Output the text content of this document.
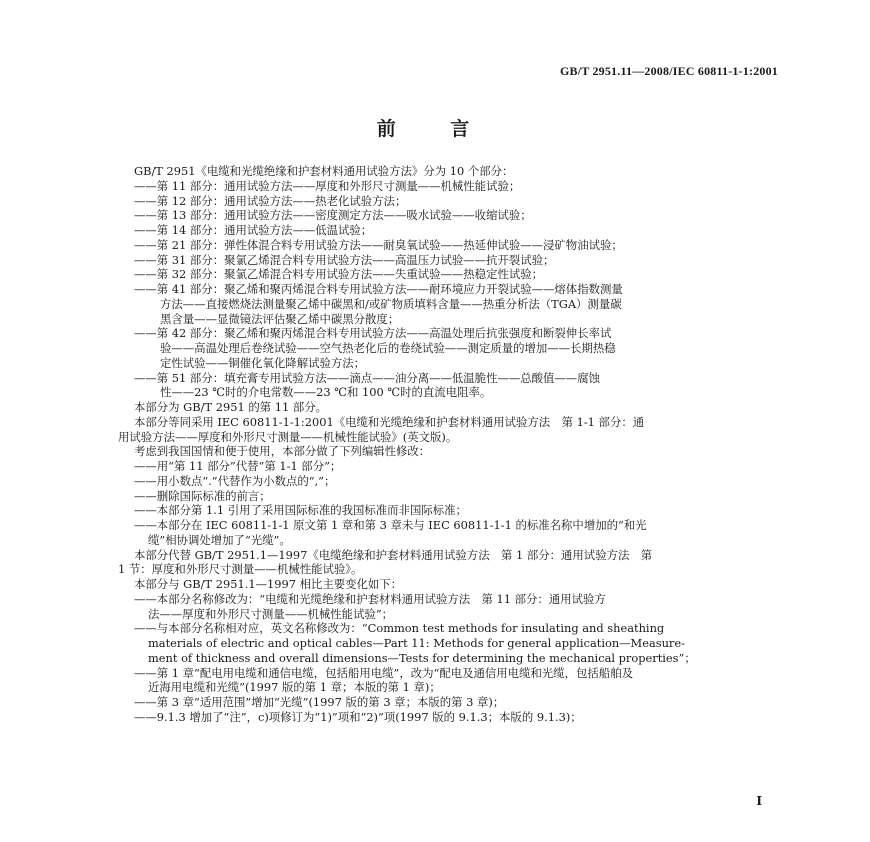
GB/T 2951.11—2008/IEC 60811-1-1:2001
前 言
GB/T 2951《电缆和光缆绝缘和护套材料通用试验方法》分为 10 个部分：
——第 11 部分：通用试验方法——厚度和外形尺寸测量——机械性能试验；
——第 12 部分：通用试验方法——热老化试验方法；
——第 13 部分：通用试验方法——密度测定方法——吸水试验——收缩试验；
——第 14 部分：通用试验方法——低温试验；
——第 21 部分：弹性体混合料专用试验方法——耐臭氧试验——热延伸试验——浸矿物油试验；
——第 31 部分：聚氯乙烯混合料专用试验方法——高温压力试验——抗开裂试验；
——第 32 部分：聚氯乙烯混合料专用试验方法——失重试验——热稳定性试验；
——第 41 部分：聚乙烯和聚丙烯混合料专用试验方法——耐环境应力开裂试验——熔体指数测量
方法——直接燃烧法测量聚乙烯中碳黑和/或矿物质填料含量——热重分析法（TGA）测量碳
黑含量——显微镜法评估聚乙烯中碳黑分散度；
——第 42 部分：聚乙烯和聚丙烯混合料专用试验方法——高温处理后抗张强度和断裂伸长率试
验——高温处理后卷绕试验——空气热老化后的卷绕试验——测定质量的增加——长期热稳
定性试验——铜催化氧化降解试验方法；
——第 51 部分：填充膏专用试验方法——滴点——油分离——低温脆性——总酸值——腐蚀
性——23 ℃时的介电常数——23 ℃和 100 ℃时的直流电阻率。
本部分为 GB/T 2951 的第 11 部分。
本部分等同采用 IEC 60811-1-1:2001《电缆和光缆绝缘和护套材料通用试验方法　第 1-1 部分：通
用试验方法——厚度和外形尺寸测量——机械性能试验》(英文版)。
考虑到我国国情和便于使用，本部分做了下列编辑性修改：
——用“第 11 部分”代替“第 1-1 部分”；
——用小数点“.”代替作为小数点的“,”；
——删除国际标准的前言；
——本部分第 1.1 引用了采用国际标准的我国标准而非国际标准；
——本部分在 IEC 60811-1-1 原文第 1 章和第 3 章未与 IEC 60811-1-1 的标准名称中增加的“和光
缆”相协调处增加了“光缆”。
本部分代替 GB/T 2951.1—1997《电缆绝缘和护套材料通用试验方法　第 1 部分：通用试验方法　第
1 节：厚度和外形尺寸测量——机械性能试验》。
本部分与 GB/T 2951.1—1997 相比主要变化如下：
——本部分名称修改为：“电缆和光缆绝缘和护套材料通用试验方法　第 11 部分：通用试验方
法——厚度和外形尺寸测量——机械性能试验”；
——与本部分名称相对应，英文名称修改为：“Common test methods for insulating and sheathing
materials of electric and optical cables—Part 11: Methods for general application—Measure-
ment of thickness and overall dimensions—Tests for determining the mechanical properties”；
——第 1 章“配电用电缆和通信电缆，包括船用电缆”，改为“配电及通信用电缆和光缆，包括船舶及
近海用电缆和光缆”(1997 版的第 1 章；本版的第 1 章)；
——第 3 章“适用范围”增加“光缆”(1997 版的第 3 章；本版的第 3 章)；
——9.1.3 增加了“注”，c)项修订为“1)”项和“2)”项(1997 版的 9.1.3；本版的 9.1.3)；
I
